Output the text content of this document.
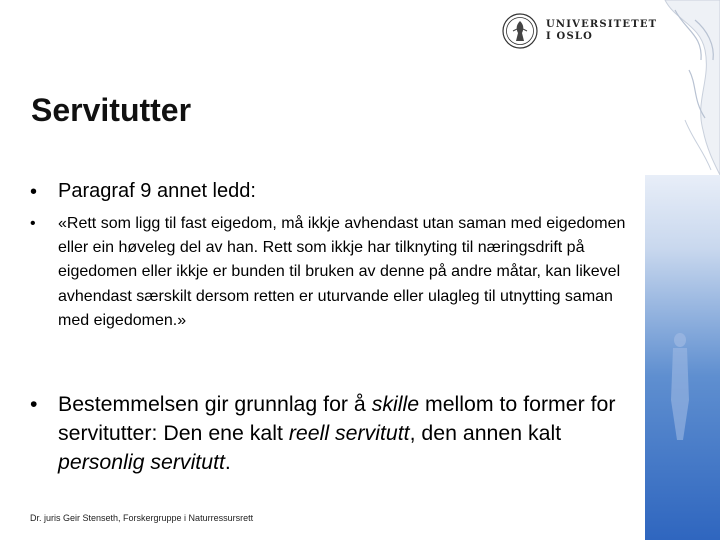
UNIVERSITETET
I OSLO
Servitutter
•	Paragraf 9 annet ledd:
•	«Rett som ligg til fast eigedom, må ikkje avhendast utan saman med eigedomen eller ein høveleg del av han. Rett som ikkje har tilknyting til næringsdrift på eigedomen eller ikkje er bunden til bruken av denne på andre måtar, kan likevel avhendast særskilt dersom retten er uturvande eller ulagleg til utnytting saman med eigedomen.»
• Bestemmelsen gir grunnlag for å skille mellom to former for servitutter: Den ene kalt reell servitutt, den annen kalt personlig servitutt.
Dr. juris Geir Stenseth, Forskergruppe i Naturressursrett
